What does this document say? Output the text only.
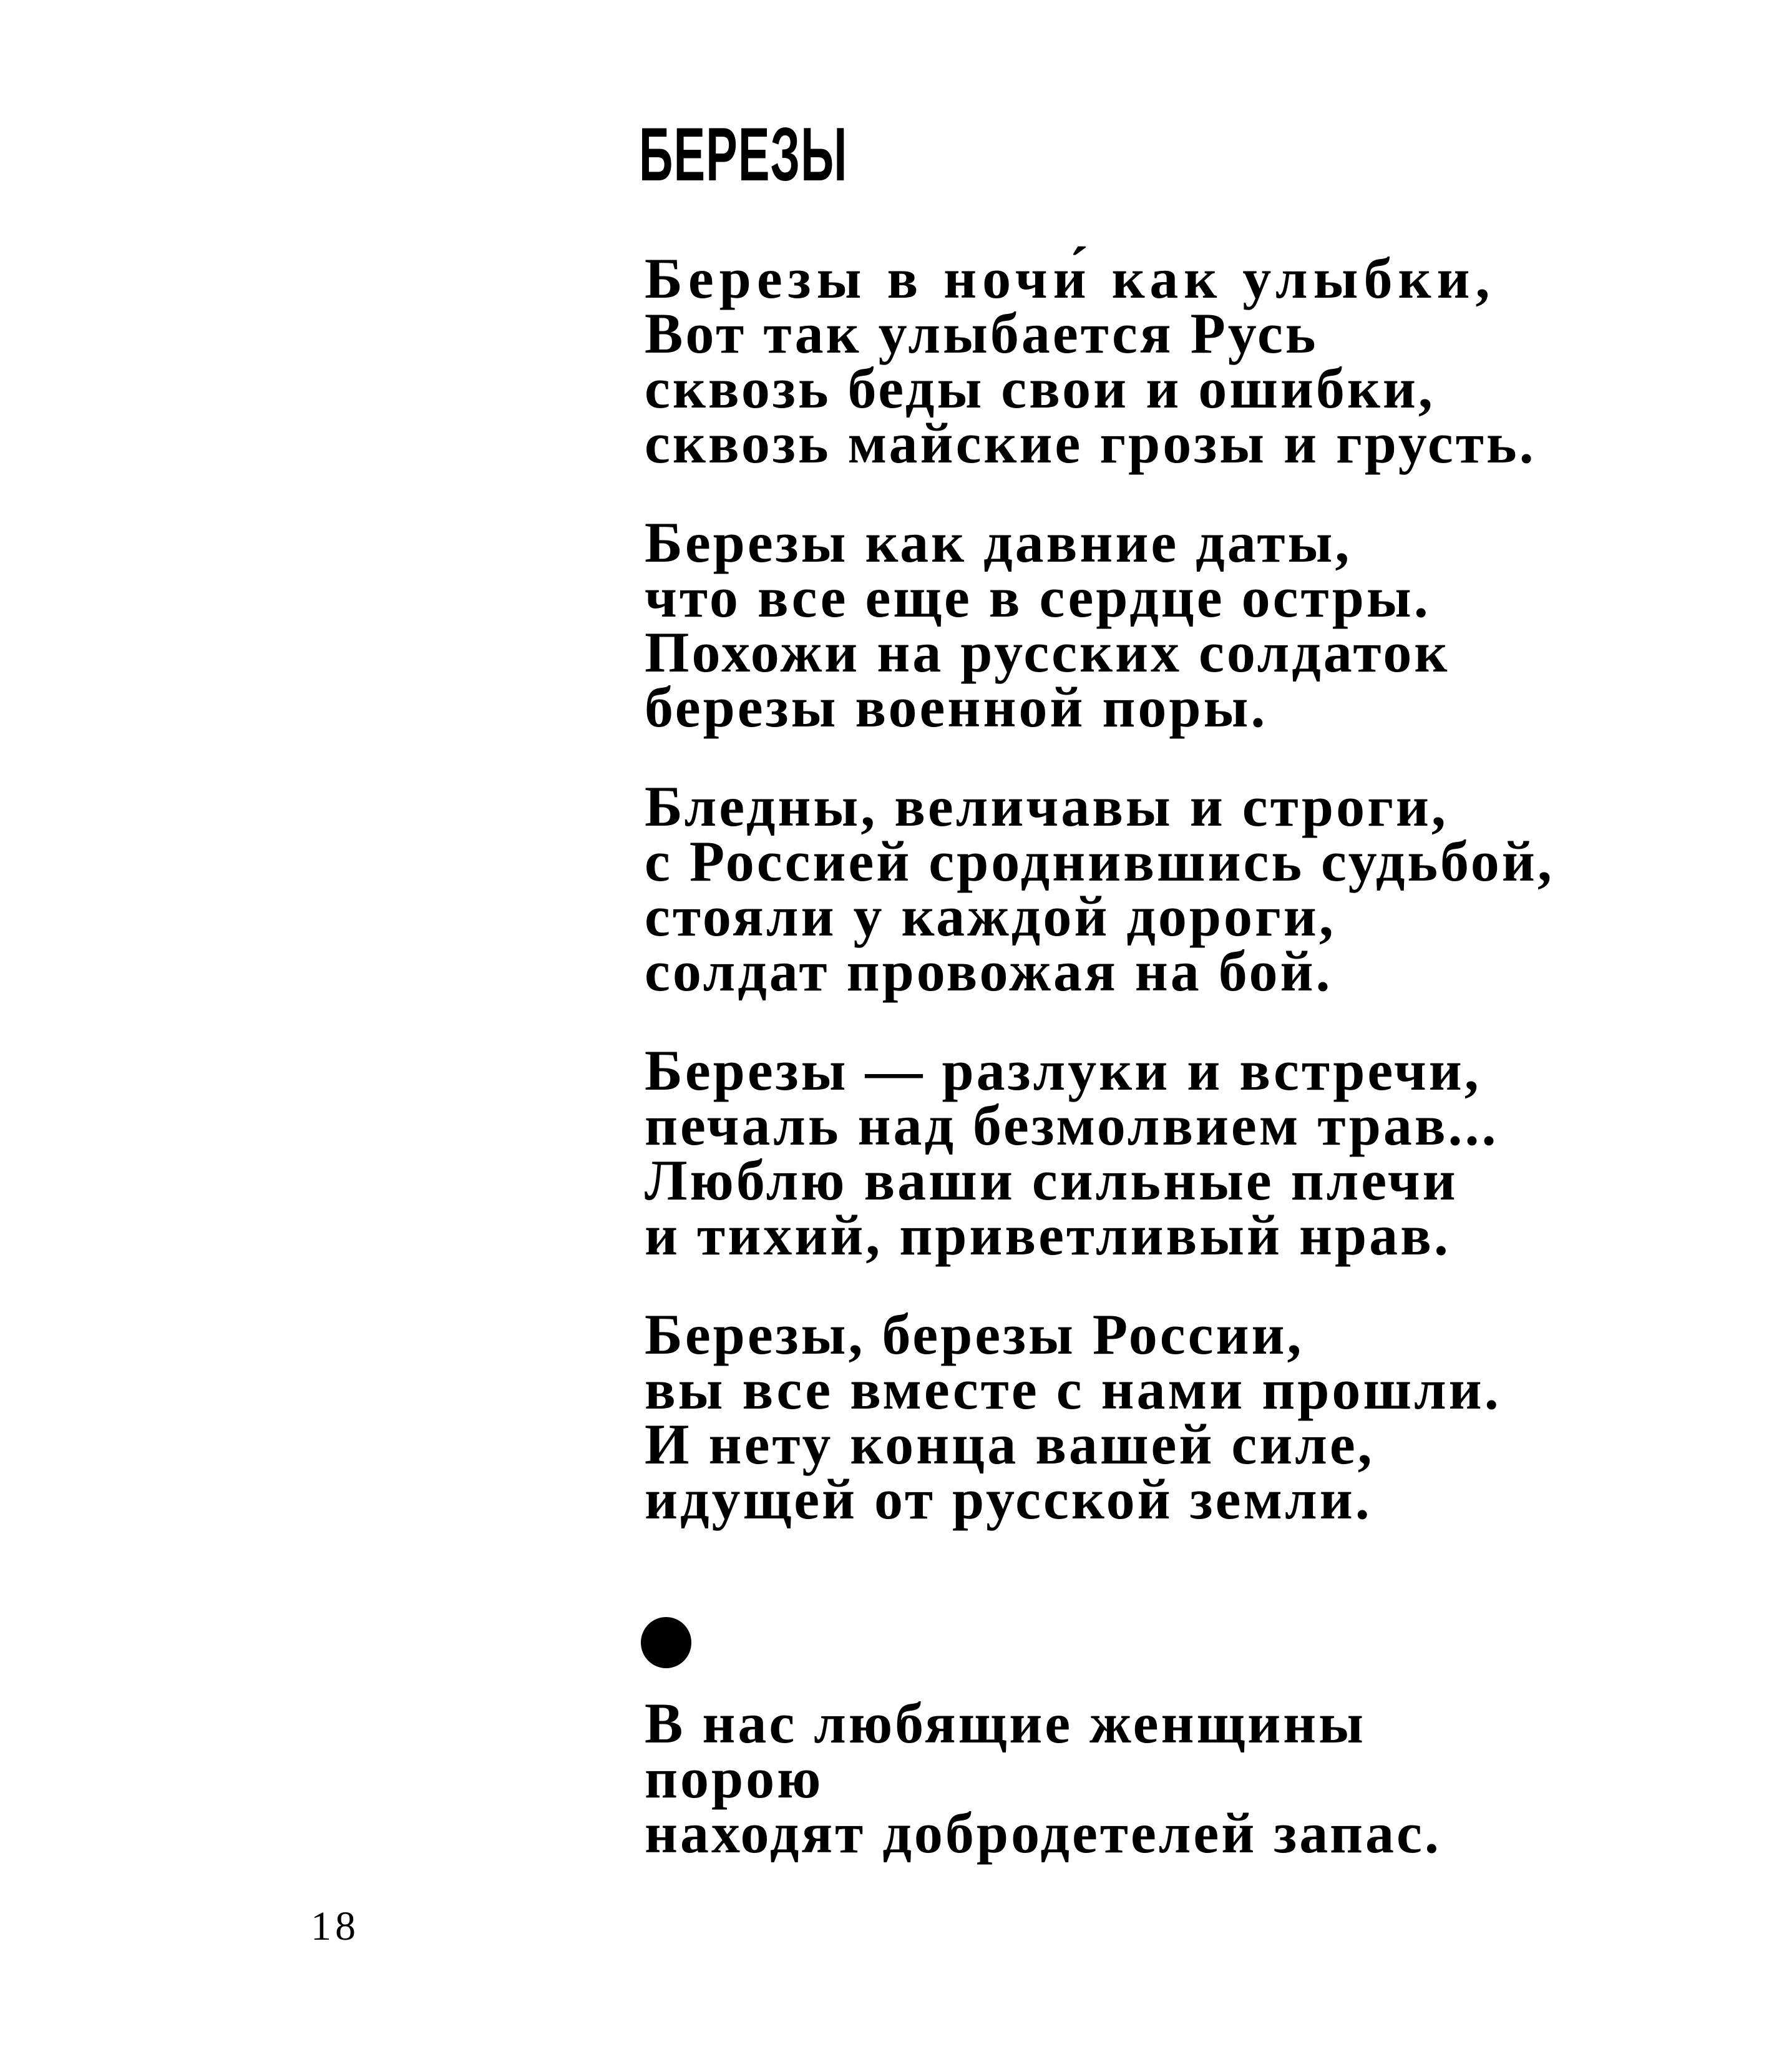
БЕРЕЗЫ
Березы в ночи́ как улыбки,
Вот так улыбается Русь
сквозь беды свои и ошибки,
сквозь майские грозы и грусть.
Березы как давние даты,
что все еще в сердце остры.
Похожи на русских солдаток
березы военной поры.
Бледны, величавы и строги,
с Россией сроднившись судьбой,
стояли у каждой дороги,
солдат провожая на бой.
Березы — разлуки и встречи,
печаль над безмолвием трав...
Люблю ваши сильные плечи
и тихий, приветливый нрав.
Березы, березы России,
вы все вместе с нами прошли.
И нету конца вашей силе,
идущей от русской земли.
В нас любящие женщины
порою
находят добродетелей запас.
18
